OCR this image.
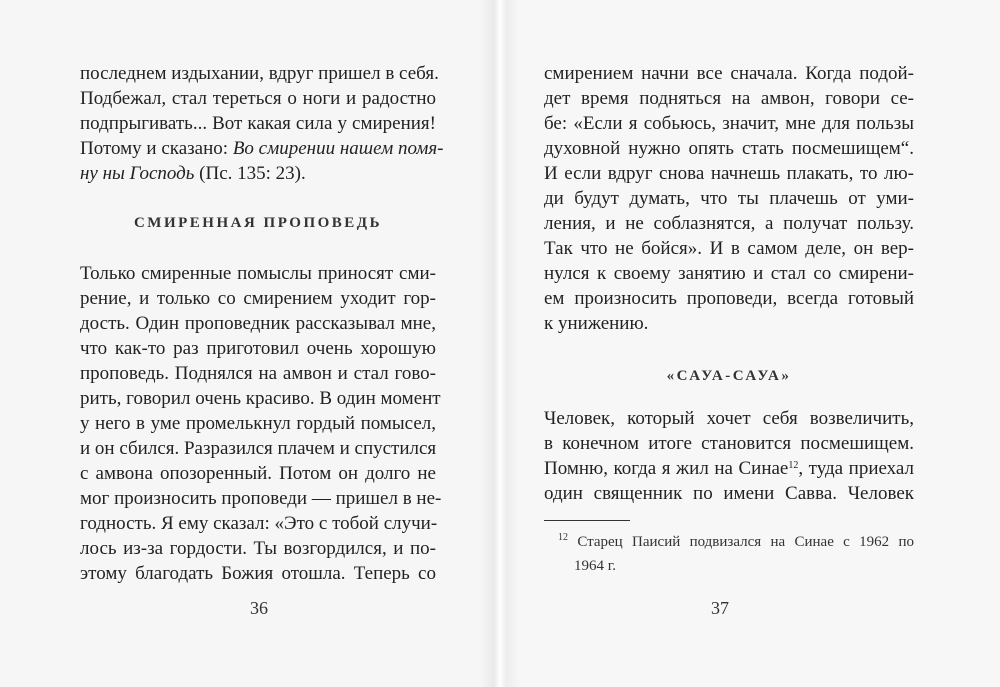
последнем издыхании, вдруг пришел в себя.
Подбежал, стал тереться о ноги и радостно
подпрыгивать... Вот какая сила у смирения!
Потому и сказано: Во смирении нашем помя-
ну ны Господь (Пс. 135: 23).
СМИРЕННАЯ ПРОПОВЕДЬ
Только смиренные помыслы приносят сми-
рение, и только со смирением уходит гор-
дость. Один проповедник рассказывал мне,
что как-то раз приготовил очень хорошую
проповедь. Поднялся на амвон и стал гово-
рить, говорил очень красиво. В один момент
у него в уме промелькнул гордый помысел,
и он сбился. Разразился плачем и спустился
с амвона опозоренный. Потом он долго не
мог произносить проповеди — пришел в не-
годность. Я ему сказал: «Это с тобой случи-
лось из-за гордости. Ты возгордился, и по-
этому благодать Божия отошла. Теперь со
36
смирением начни все сначала. Когда подой-
дет время подняться на амвон, говори се-
бе: «Если я собьюсь, значит, мне для пользы
духовной нужно опять стать посмешищем“.
И если вдруг снова начнешь плакать, то лю-
ди будут думать, что ты плачешь от уми-
ления, и не соблазнятся, а получат пользу.
Так что не бойся». И в самом деле, он вер-
нулся к своему занятию и стал со смирени-
ем произносить проповеди, всегда готовый
к унижению.
«САУА-САУА»
Человек, который хочет себя возвеличить,
в конечном итоге становится посмешищем.
Помню, когда я жил на Синае$^{12}$, туда приехал
один священник по имени Савва. Человек
$^{12}$ Старец Паисий подвизался на Синае с 1962 по
1964 г.
37
